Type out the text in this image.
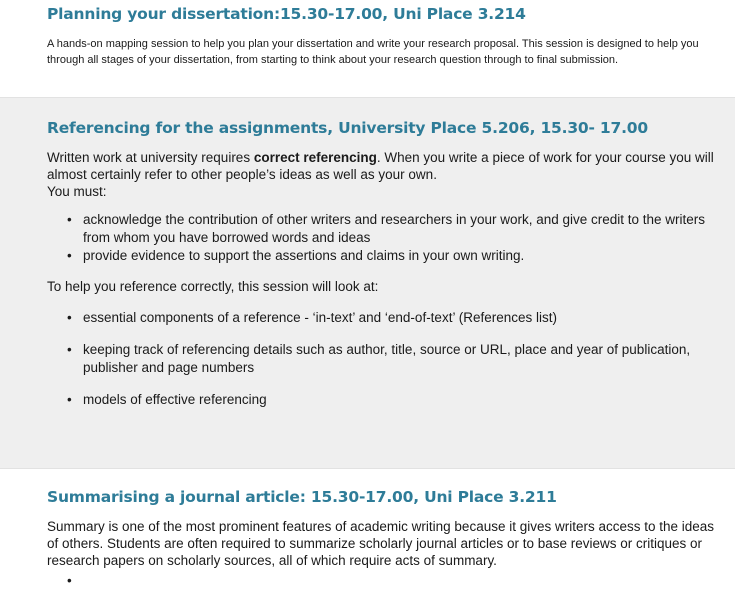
Planning your dissertation:15.30-17.00, Uni Place 3.214

A hands-on mapping session to help you plan your dissertation and write your research proposal. This session is designed to help you through all stages of your dissertation, from starting to think about your research question through to final submission.

Referencing for the assignments, University Place 5.206, 15.30- 17.00

Written work at university requires correct referencing. When you write a piece of work for your course you will almost certainly refer to other people’s ideas as well as your own.
You must:

• acknowledge the contribution of other writers and researchers in your work, and give credit to the writers from whom you have borrowed words and ideas
• provide evidence to support the assertions and claims in your own writing.

To help you reference correctly, this session will look at:

• essential components of a reference - ‘in-text’ and ‘end-of-text’ (References list)
• keeping track of referencing details such as author, title, source or URL, place and year of publication, publisher and page numbers
• models of effective referencing
Summarising a journal article: 15.30-17.00, Uni Place 3.211

Summary is one of the most prominent features of academic writing because it gives writers access to the ideas of others. Students are often required to summarize scholarly journal articles or to base reviews or critiques or research papers on scholarly sources, all of which require acts of summary.

•
